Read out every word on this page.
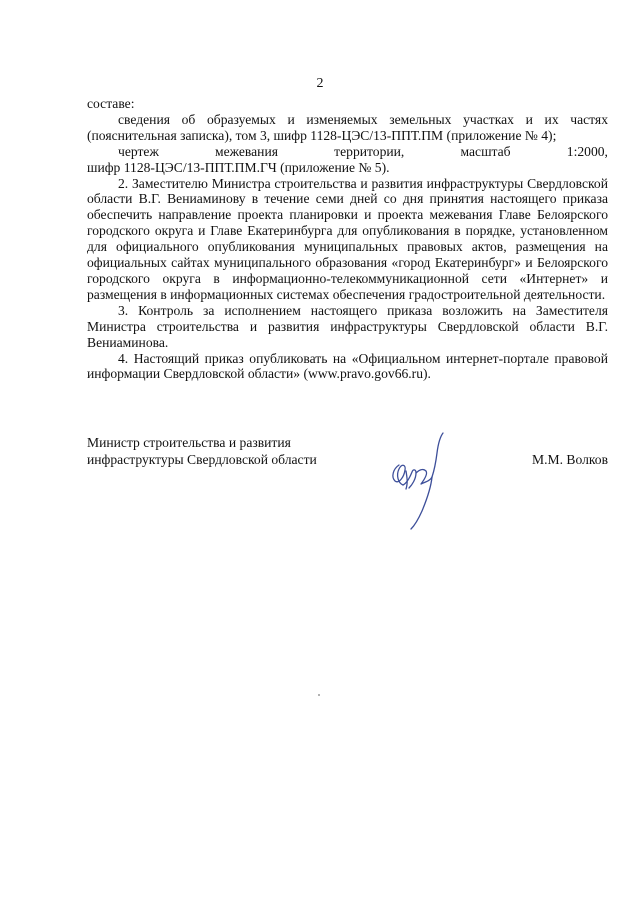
2

составе:

сведения об образуемых и изменяемых земельных участках и их частях (пояснительная записка), том 3, шифр 1128-ЦЭС/13-ППТ.ПМ (приложение № 4);

чертеж	межевания	территории,	масштаб	1:2000,

шифр 1128-ЦЭС/13-ППТ.ПМ.ГЧ (приложение № 5).

2. Заместителю Министра строительства и развития инфраструктуры Свердловской области В.Г. Вениаминову в течение семи дней со дня принятия настоящего приказа обеспечить направление проекта планировки и проекта межевания Главе Белоярского городского округа и Главе Екатеринбурга для опубликования в порядке, установленном для официального опубликования муниципальных правовых актов, размещения на официальных сайтах муниципального образования «город Екатеринбург» и Белоярского городского округа в информационно-телекоммуникационной сети «Интернет» и размещения в информационных системах обеспечения градостроительной деятельности.

3. Контроль за исполнением настоящего приказа возложить на Заместителя Министра строительства и развития инфраструктуры Свердловской области В.Г. Вениаминова.

4. Настоящий приказ опубликовать на «Официальном интернет-портале правовой информации Свердловской области» (www.pravo.gov66.ru).

Министр строительства и развития
инфраструктуры Свердловской области	М.М. Волков
